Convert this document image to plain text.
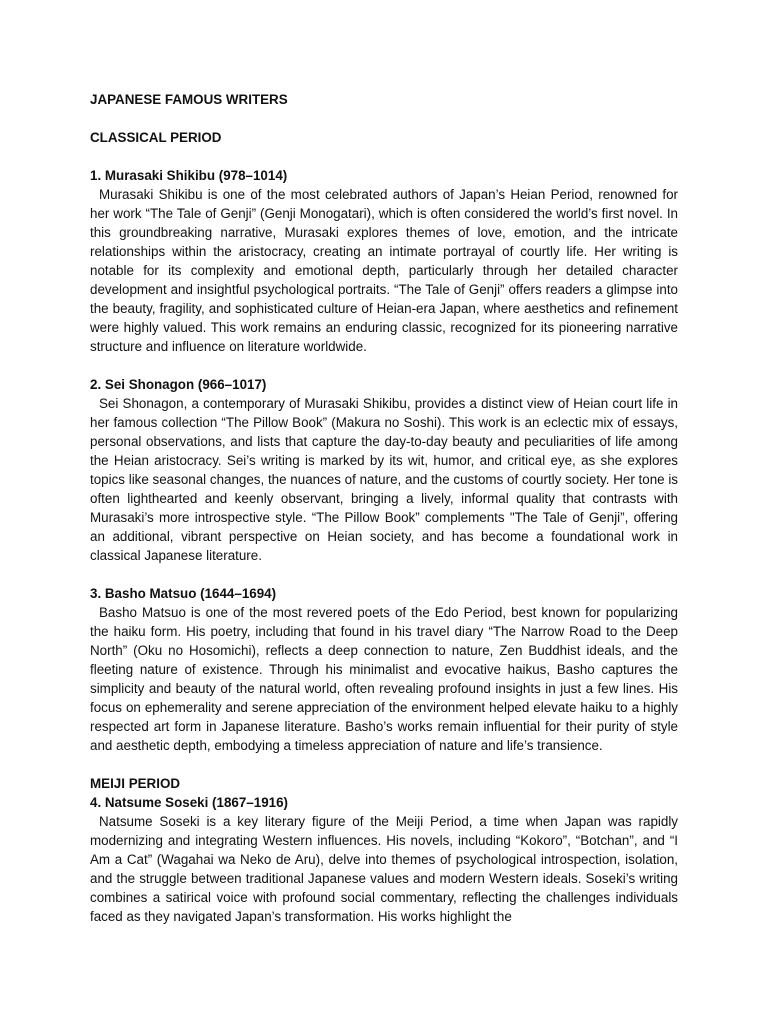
JAPANESE FAMOUS WRITERS

CLASSICAL PERIOD

1. Murasaki Shikibu (978–1014)

Murasaki Shikibu is one of the most celebrated authors of Japan’s Heian Period, renowned for her work “The Tale of Genji” (Genji Monogatari), which is often considered the world’s first novel. In this groundbreaking narrative, Murasaki explores themes of love, emotion, and the intricate relationships within the aristocracy, creating an intimate portrayal of courtly life. Her writing is notable for its complexity and emotional depth, particularly through her detailed character development and insightful psychological portraits. “The Tale of Genji” offers readers a glimpse into the beauty, fragility, and sophisticated culture of Heian-era Japan, where aesthetics and refinement were highly valued. This work remains an enduring classic, recognized for its pioneering narrative structure and influence on literature worldwide.

2. Sei Shonagon (966–1017)

Sei Shonagon, a contemporary of Murasaki Shikibu, provides a distinct view of Heian court life in her famous collection “The Pillow Book” (Makura no Soshi). This work is an eclectic mix of essays, personal observations, and lists that capture the day-to-day beauty and peculiarities of life among the Heian aristocracy. Sei’s writing is marked by its wit, humor, and critical eye, as she explores topics like seasonal changes, the nuances of nature, and the customs of courtly society. Her tone is often lighthearted and keenly observant, bringing a lively, informal quality that contrasts with Murasaki’s more introspective style. “The Pillow Book” complements "The Tale of Genji”, offering an additional, vibrant perspective on Heian society, and has become a foundational work in classical Japanese literature.

3. Basho Matsuo (1644–1694)

Basho Matsuo is one of the most revered poets of the Edo Period, best known for popularizing the haiku form. His poetry, including that found in his travel diary “The Narrow Road to the Deep North” (Oku no Hosomichi), reflects a deep connection to nature, Zen Buddhist ideals, and the fleeting nature of existence. Through his minimalist and evocative haikus, Basho captures the simplicity and beauty of the natural world, often revealing profound insights in just a few lines. His focus on ephemerality and serene appreciation of the environment helped elevate haiku to a highly respected art form in Japanese literature. Basho’s works remain influential for their purity of style and aesthetic depth, embodying a timeless appreciation of nature and life’s transience.

MEIJI PERIOD

4. Natsume Soseki (1867–1916)

Natsume Soseki is a key literary figure of the Meiji Period, a time when Japan was rapidly modernizing and integrating Western influences. His novels, including “Kokoro”, “Botchan”, and “I Am a Cat” (Wagahai wa Neko de Aru), delve into themes of psychological introspection, isolation, and the struggle between traditional Japanese values and modern Western ideals. Soseki’s writing combines a satirical voice with profound social commentary, reflecting the challenges individuals faced as they navigated Japan’s transformation. His works highlight the
